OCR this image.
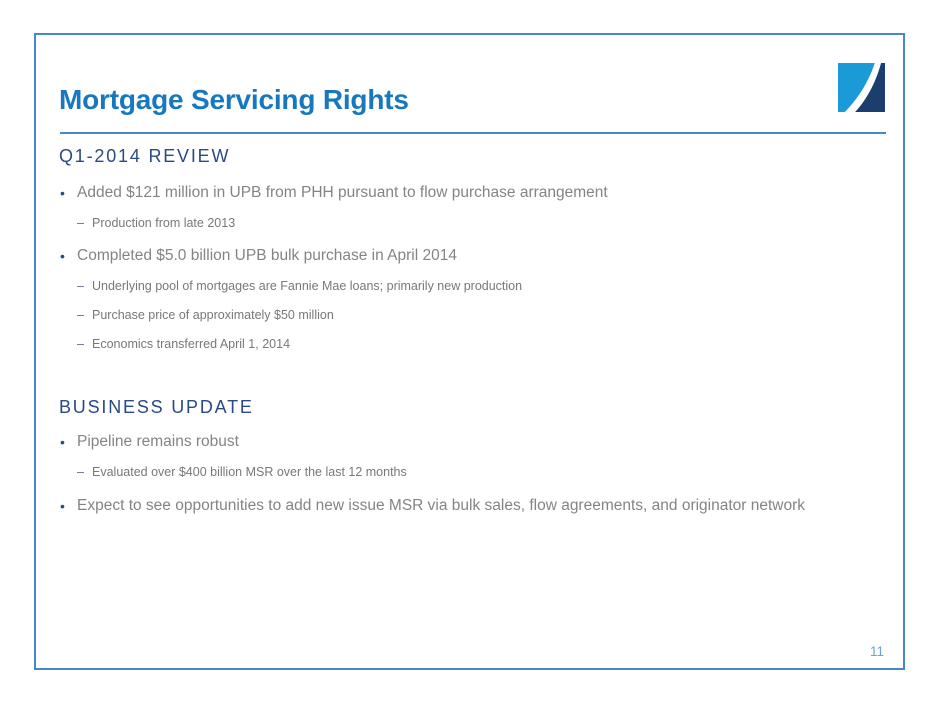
Mortgage Servicing Rights
Q1-2014 REVIEW
• Added $121 million in UPB from PHH pursuant to flow purchase arrangement
– Production from late 2013
• Completed $5.0 billion UPB bulk purchase in April 2014
– Underlying pool of mortgages are Fannie Mae loans; primarily new production
– Purchase price of approximately $50 million
– Economics transferred April 1, 2014
BUSINESS UPDATE
• Pipeline remains robust
– Evaluated over $400 billion MSR over the last 12 months
• Expect to see opportunities to add new issue MSR via bulk sales, flow agreements, and originator network
11
